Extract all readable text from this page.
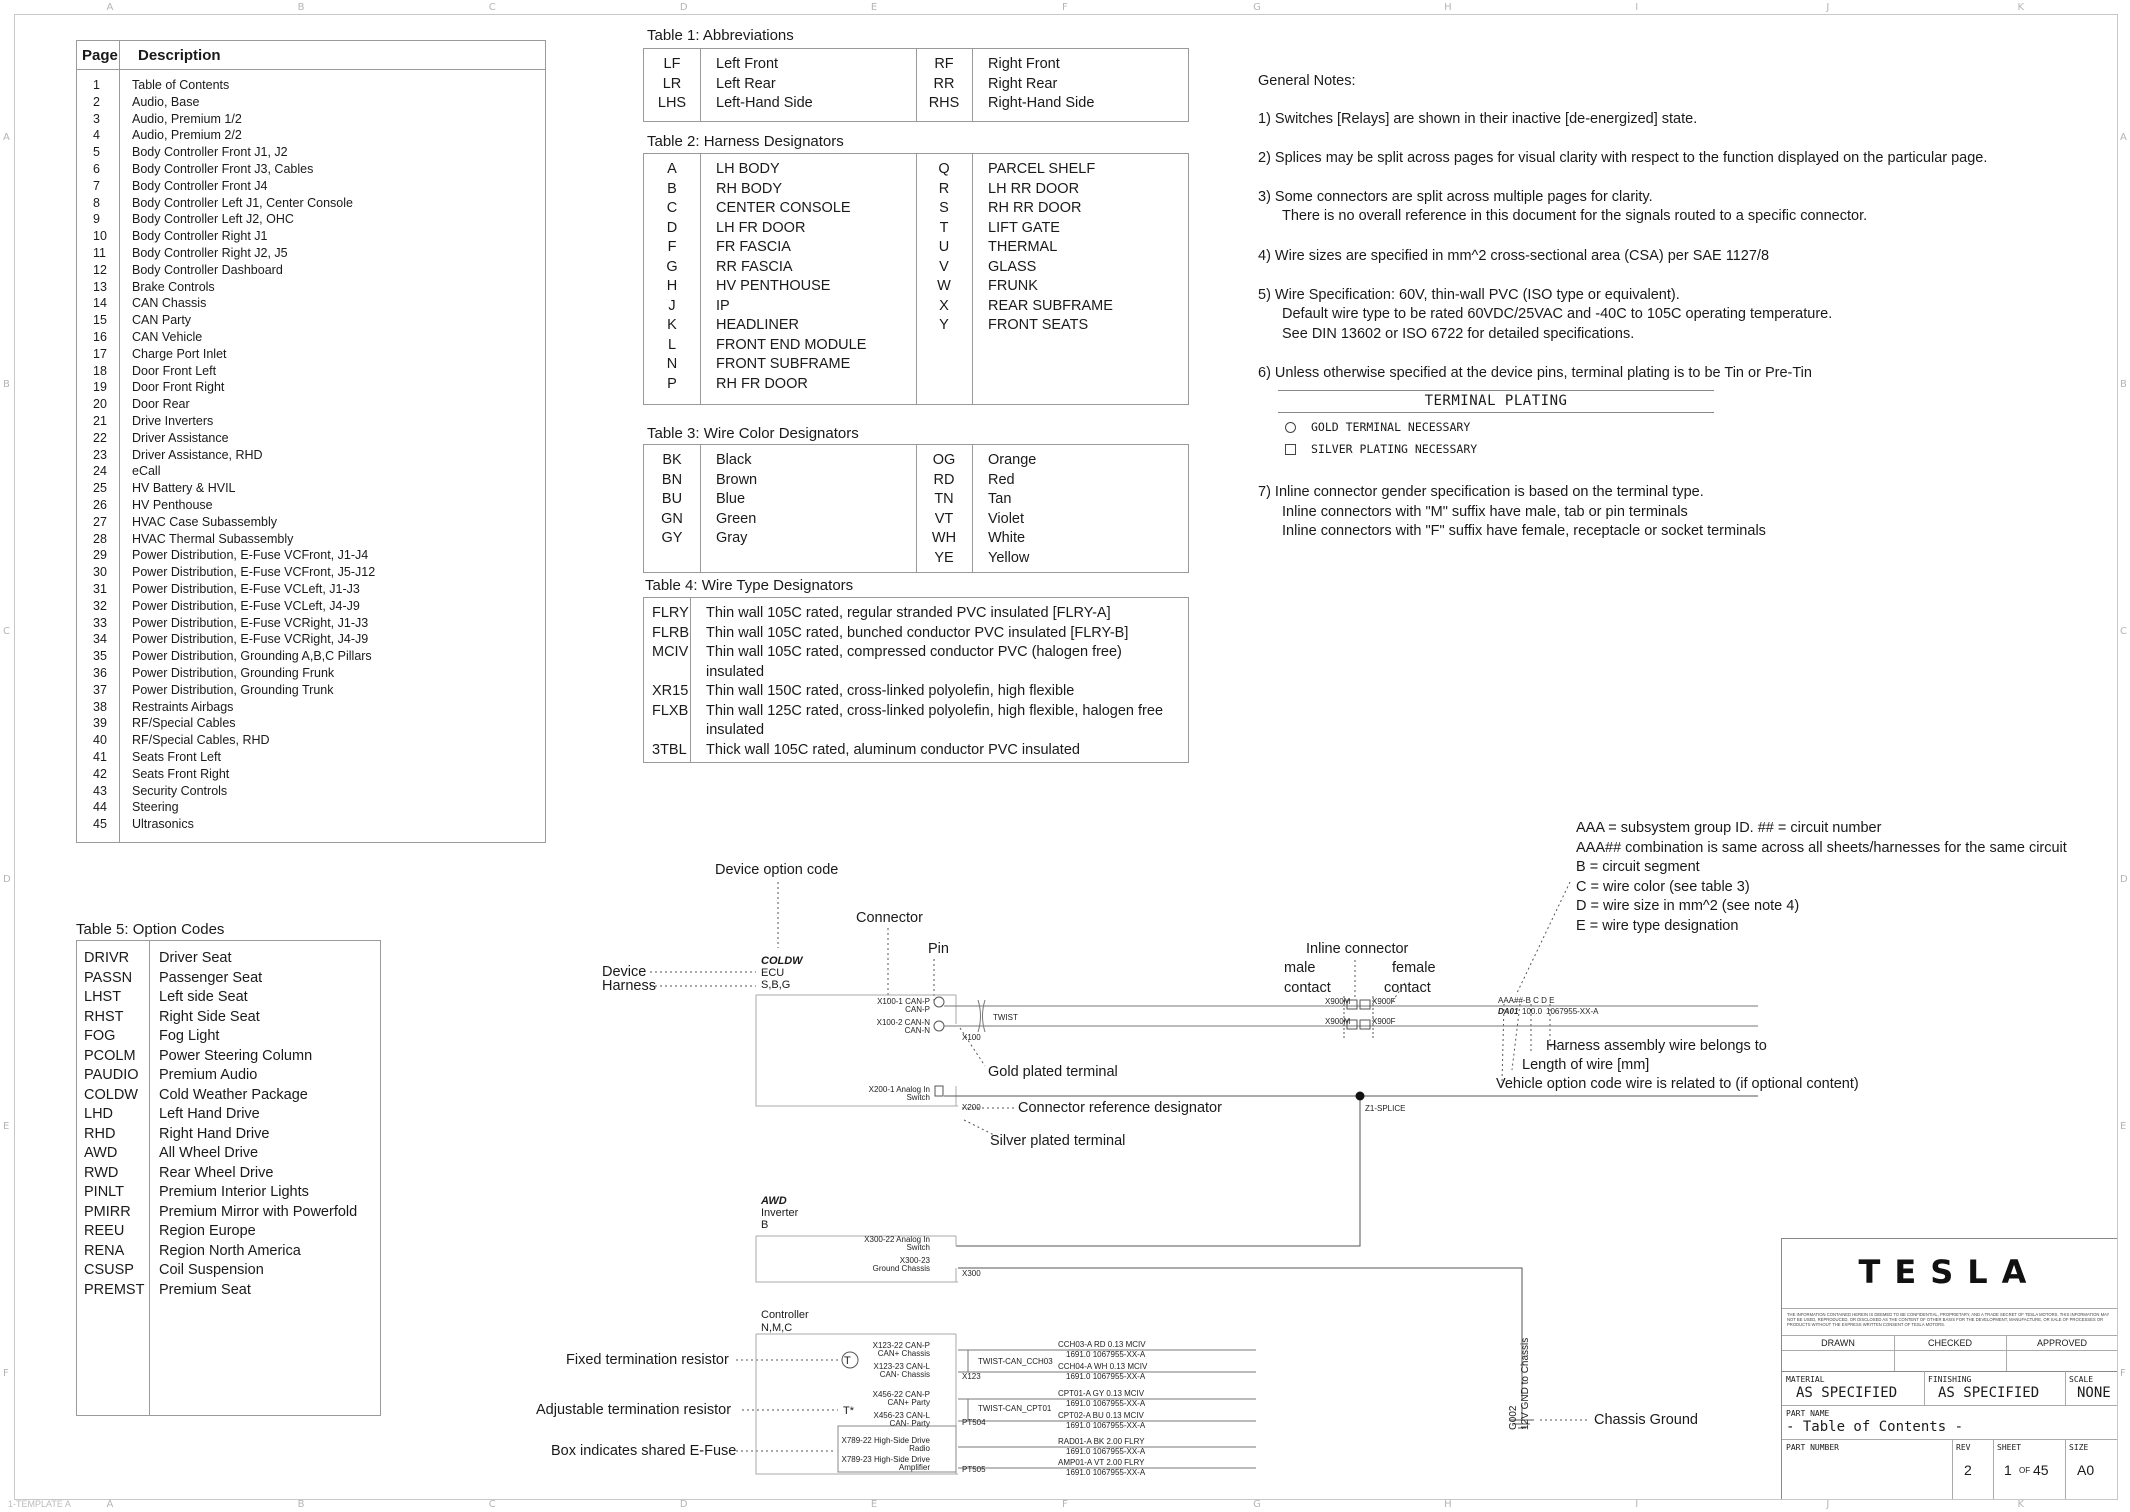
A
A
B
B
C
C
D
D
E
E
F
F
G
G
H
H
I
I
J
J
K
K
A	A
B	B
C	C
D	D
E	E
F	F
Page Description
1	Table of Contents
2	Audio, Base
3	Audio, Premium 1/2
4	Audio, Premium 2/2
5	Body Controller Front J1, J2
6	Body Controller Front J3, Cables
7	Body Controller Front J4
8	Body Controller Left J1, Center Console
9	Body Controller Left J2, OHC
10 Body Controller Right J1
11 Body Controller Right J2, J5
12 Body Controller Dashboard
13 Brake Controls
14 CAN Chassis
15 CAN Party
16 CAN Vehicle
17 Charge Port Inlet
18 Door Front Left
19 Door Front Right
20 Door Rear
21 Drive Inverters
22 Driver Assistance
23 Driver Assistance, RHD
24 eCall
25 HV Battery & HVIL
26 HV Penthouse
27 HVAC Case Subassembly
28 HVAC Thermal Subassembly
29 Power Distribution, E-Fuse VCFront, J1-J4
30 Power Distribution, E-Fuse VCFront, J5-J12
31 Power Distribution, E-Fuse VCLeft, J1-J3
32 Power Distribution, E-Fuse VCLeft, J4-J9
33 Power Distribution, E-Fuse VCRight, J1-J3
34 Power Distribution, E-Fuse VCRight, J4-J9
35 Power Distribution, Grounding A,B,C Pillars
36 Power Distribution, Grounding Frunk
37 Power Distribution, Grounding Trunk
38 Restraints Airbags
39 RF/Special Cables
40 RF/Special Cables, RHD
41 Seats Front Left
42 Seats Front Right
43 Security Controls
44 Steering
45 Ultrasonics
Table 1: Abbreviations
LF	Left Front
LR	Left Rear
LHS	Left-Hand Side
RF	Right Front
RR	Right Rear
RHS	Right-Hand Side
Table 2: Harness Designators
A	LH BODY
B	RH BODY
C	CENTER CONSOLE
D	LH FR DOOR
F	FR FASCIA
G	RR FASCIA
H	HV PENTHOUSE
J	IP
K	HEADLINER
L	FRONT END MODULE
N	FRONT SUBFRAME
P	RH FR DOOR
Q	PARCEL SHELF
R	LH RR DOOR
S	RH RR DOOR
T	LIFT GATE
U	THERMAL
V	GLASS
W	FRUNK
X	REAR SUBFRAME
Y	FRONT SEATS
Table 3: Wire Color Designators
BK	Black
BN	Brown
BU	Blue
GN	Green
GY	Gray
OG	Orange
RD	Red
TN	Tan
VT	Violet
WH	White
YE	Yellow
Table 4: Wire Type Designators
FLRY Thin wall 105C rated, regular stranded PVC insulated [FLRY-A]
FLRB Thin wall 105C rated, bunched conductor PVC insulated [FLRY-B]
MCIV Thin wall 105C rated, compressed conductor PVC (halogen free)
insulated
XR15 Thin wall 150C rated, cross-linked polyolefin, high flexible
FLXB Thin wall 125C rated, cross-linked polyolefin, high flexible, halogen free
insulated
3TBL Thick wall 105C rated, aluminum conductor PVC insulated
Table 5: Option Codes
DRIVR Driver Seat
PASSN Passenger Seat
LHST	Left side Seat
RHST Right Side Seat
FOG	Fog Light
PCOLM Power Steering Column
PAUDIO Premium Audio
COLDW Cold Weather Package
LHD	Left Hand Drive
RHD	Right Hand Drive
AWD	All Wheel Drive
RWD	Rear Wheel Drive
PINLT Premium Interior Lights
PMIRR Premium Mirror with Powerfold
REEU Region Europe
RENA Region North America
CSUSP Coil Suspension
PREMST Premium Seat
General Notes:
1) Switches [Relays] are shown in their inactive [de-energized] state.
2) Splices may be split across pages for visual clarity with respect to the function displayed on the particular page.
3) Some connectors are split across multiple pages for clarity.
There is no overall reference in this document for the signals routed to a specific connector.
4) Wire sizes are specified in mm^2 cross-sectional area (CSA) per SAE 1127/8
5) Wire Specification: 60V, thin-wall PVC (ISO type or equivalent).
Default wire type to be rated 60VDC/25VAC and -40C to 105C operating temperature.
See DIN 13602 or ISO 6722 for detailed specifications.
6) Unless otherwise specified at the device pins, terminal plating is to be Tin or Pre-Tin
TERMINAL PLATING
GOLD TERMINAL NECESSARY
SILVER PLATING NECESSARY
7) Inline connector gender specification is based on the terminal type.
Inline connectors with "M" suffix have male, tab or pin terminals
Inline connectors with "F" suffix have female, receptacle or socket terminals
AAA = subsystem group ID. ## = circuit number
AAA## combination is same across all sheets/harnesses for the same circuit
B = circuit segment
C = wire color (see table 3)
D = wire size in mm^2 (see note 4)
E = wire type designation
Device option code
Connector
Pin
Device
Harness
Inline connector
male
contact
female
contact
Gold plated terminal
Connector reference designator
Silver plated terminal
Harness assembly wire belongs to
Length of wire [mm]
Vehicle option code wire is related to (if optional content)
Chassis Ground
Fixed termination resistor
Adjustable termination resistor
Box indicates shared E-Fuse
COLDW
ECU
S,B,G
AWD
Inverter
B
Controller
N,M,C
T
T*
X100-1 CAN-P
CAN-P
X100-2 CAN-N
CAN-N
X100
TWIST
X200-1 Analog In
Switch
X200
X900M	X900F
X900M	X900F
Z1-SPLICE
AAA##-B C D E
DA01 100.0 1067955-XX-A
X300-22 Analog In
Switch
X300-23
Ground Chassis
X300
X123-22 CAN-P
CAN+ Chassis
X123-23 CAN-L
CAN- Chassis	X123
TWIST-CAN_CCH03
X456-22 CAN-P
CAN+ Party
X456-23 CAN-L
CAN- Party	PT504
TWIST-CAN_CPT01
X789-22 High-Side Drive
Radio
X789-23 High-Side Drive
Amplifier	PT505
CCH03-A RD 0.13 MCIV
1691.0 1067955-XX-A
CCH04-A WH 0.13 MCIV
1691.0 1067955-XX-A
CPT01-A GY 0.13 MCIV
1691.0 1067955-XX-A
CPT02-A BU 0.13 MCIV
1691.0 1067955-XX-A
RAD01-A BK 2.00 FLRY
1691.0 1067955-XX-A
AMP01-A VT 2.00 FLRY
1691.0 1067955-XX-A
G002 12V GND to Chassis
TESLA
THE INFORMATION CONTAINED HEREIN IS DEEMED TO BE CONFIDENTIAL, PROPRIETARY, AND A TRADE SECRET OF TESLA MOTORS. THIS INFORMATION MAY NOT BE USED, REPRODUCED, OR DISCLOSED AS THE CONTENT OF OTHER BASIS FOR THE DEVELOPMENT, MANUFACTURE, OR SALE OF PROCESSES OR PRODUCTS WITHOUT THE EXPRESS WRITTEN CONSENT OF TESLA MOTORS.
DRAWN	CHECKED	APPROVED
MATERIAL
AS SPECIFIED
FINISHING
AS SPECIFIED
SCALE
NONE
PART NAME
- Table of Contents -
PART NUMBER	REV
2
SHEET
1 OF 45
SIZE
A0
1-TEMPLATE A
